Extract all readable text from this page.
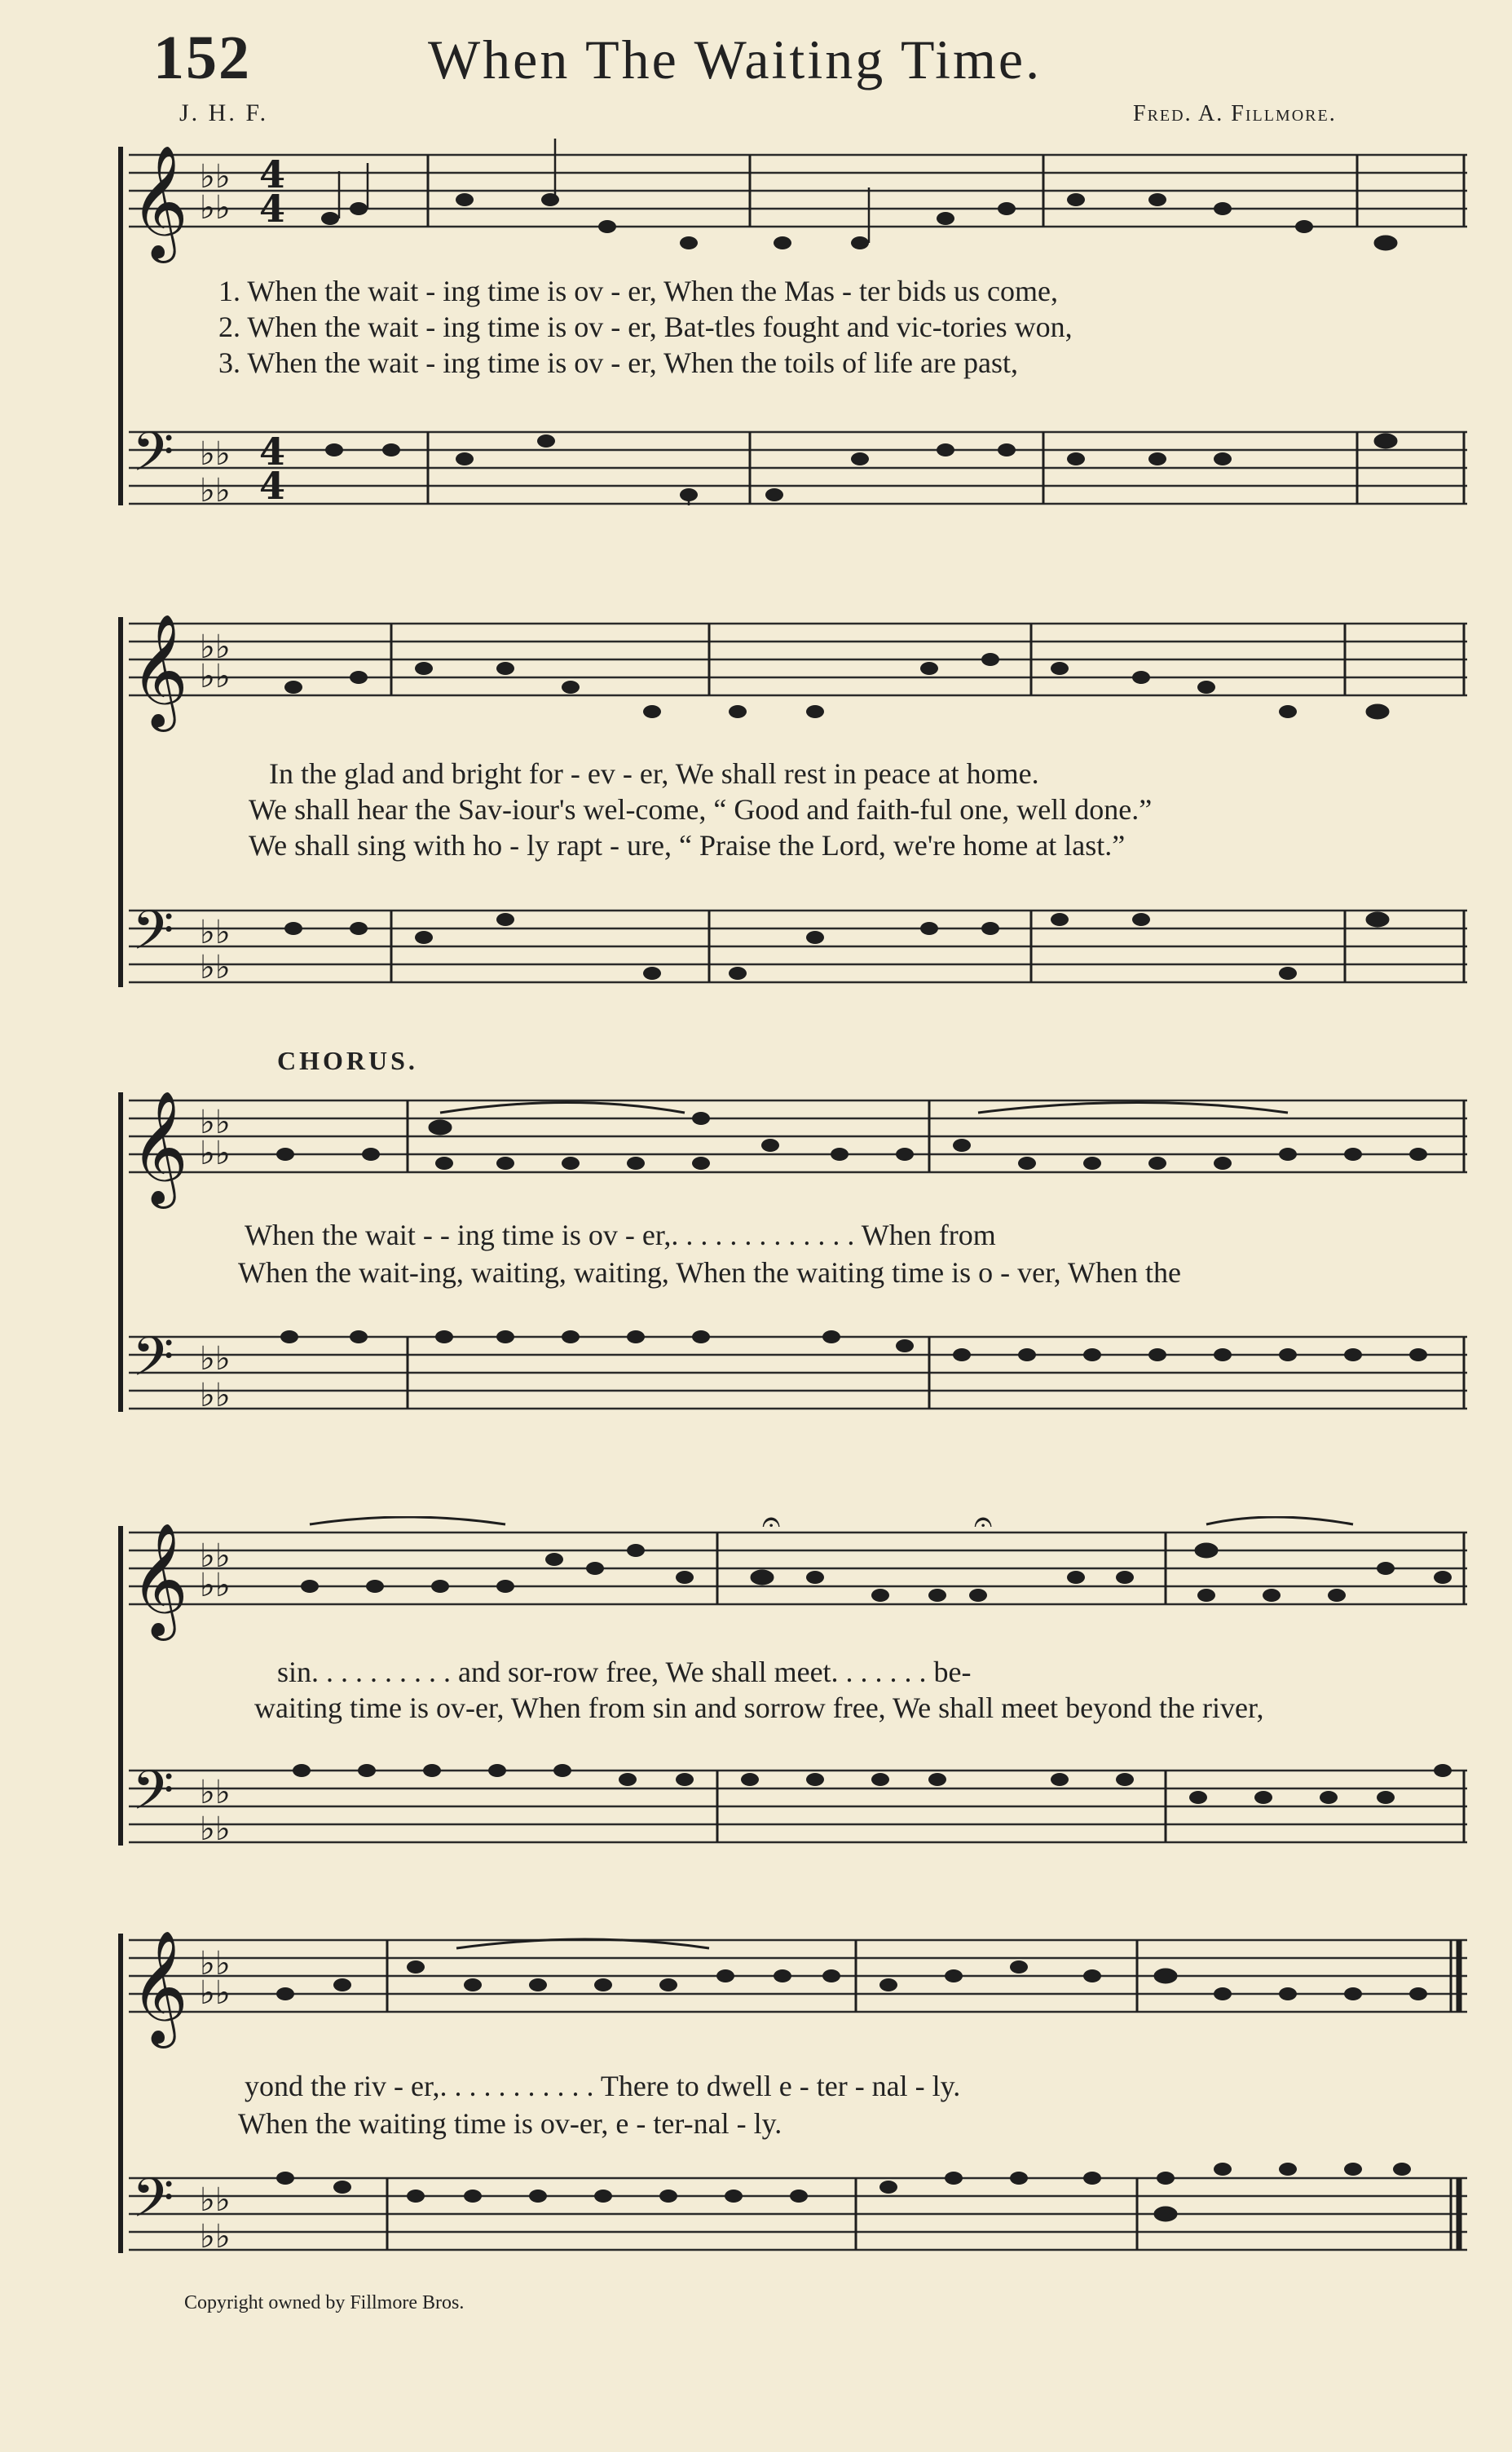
152	When The Waiting Time.
J. H. F.	Fred. A. Fillmore.
𝄞
𝄢
♭♭
♭♭
♭♭
♭♭
4
4
4
4
1. When the wait - ing time is ov - er, When the Mas - ter bids us come,
2. When the wait - ing time is ov - er, Bat-tles fought and vic-tories won,
3. When the wait - ing time is ov - er, When the toils of life are past,
𝄞
𝄢
♭♭
♭♭
♭♭
♭♭
In the glad and bright for - ev - er, We shall rest in peace at home.
We shall hear the Sav-iour's wel-come, “ Good and faith-ful one, well done.”
We shall sing with ho - ly rapt - ure, “ Praise the Lord, we're home at last.”
CHORUS.
𝄞
𝄢
♭♭
♭♭
♭♭
♭♭
When the wait - - ing time is ov - er,. . . . . . . . . . . . . When from
When the wait-ing, waiting, waiting, When the waiting time is o - ver, When the
𝄞
𝄢
♭♭
♭♭
♭♭
♭♭
𝄐	𝄐
sin. . . . . . . . . . and sor-row free, We shall meet. . . . . . . be-
waiting time is ov-er, When from sin and sorrow free, We shall meet beyond the river,
𝄞
𝄢
♭♭
♭♭
♭♭
♭♭
yond the riv - er,. . . . . . . . . . . There to dwell e - ter - nal - ly.
When the waiting time is ov-er, e - ter-nal - ly.
Copyright owned by Fillmore Bros.
